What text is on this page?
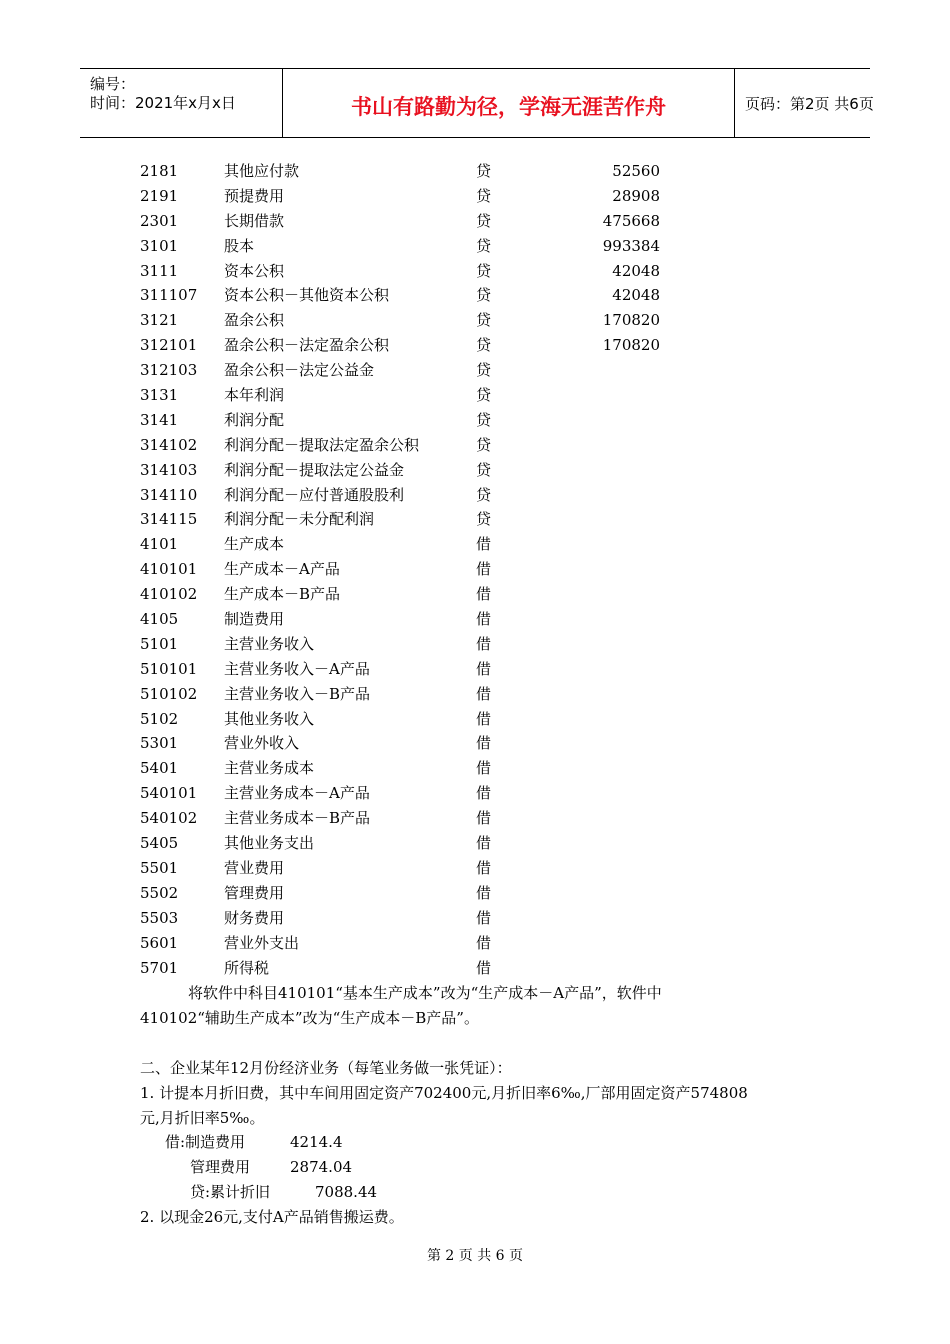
编号：
时间：2021年x月x日	书山有路勤为径，学海无涯苦作舟	页码：第2页 共6页
2181	其他应付款	贷	52560
2191	预提费用	贷	28908
2301	长期借款	贷	475668
3101	股本	贷	993384
3111	资本公积	贷	42048
311107 资本公积－其他资本公积	贷	42048
3121	盈余公积	贷	170820
312101 盈余公积－法定盈余公积	贷	170820
312103 盈余公积－法定公益金	贷
3131	本年利润	贷
3141	利润分配	贷
314102 利润分配－提取法定盈余公积	贷
314103 利润分配－提取法定公益金	贷
314110 利润分配－应付普通股股利	贷
314115 利润分配－未分配利润	贷
4101	生产成本	借
410101 生产成本－A产品	借
410102 生产成本－B产品	借
4105	制造费用	借
5101	主营业务收入	借
510101 主营业务收入－A产品	借
510102 主营业务收入－B产品	借
5102	其他业务收入	借
5301	营业外收入	借
5401	主营业务成本	借
540101 主营业务成本－A产品	借
540102 主营业务成本－B产品	借
5405	其他业务支出	借
5501	营业费用	借
5502	管理费用	借
5503	财务费用	借
5601	营业外支出	借
5701	所得税	借
将软件中科目410101“基本生产成本”改为“生产成本－A产品”，软件中
410102“辅助生产成本”改为“生产成本－B产品”。
二、企业某年12月份经济业务（每笔业务做一张凭证）：
1. 计提本月折旧费，其中车间用固定资产702400元,月折旧率6‰,厂部用固定资产574808
元,月折旧率5‰。
借:制造费用	4214.4
管理费用	2874.04
贷:累计折旧	7088.44
2. 以现金26元,支付A产品销售搬运费。
第 2 页 共 6 页
